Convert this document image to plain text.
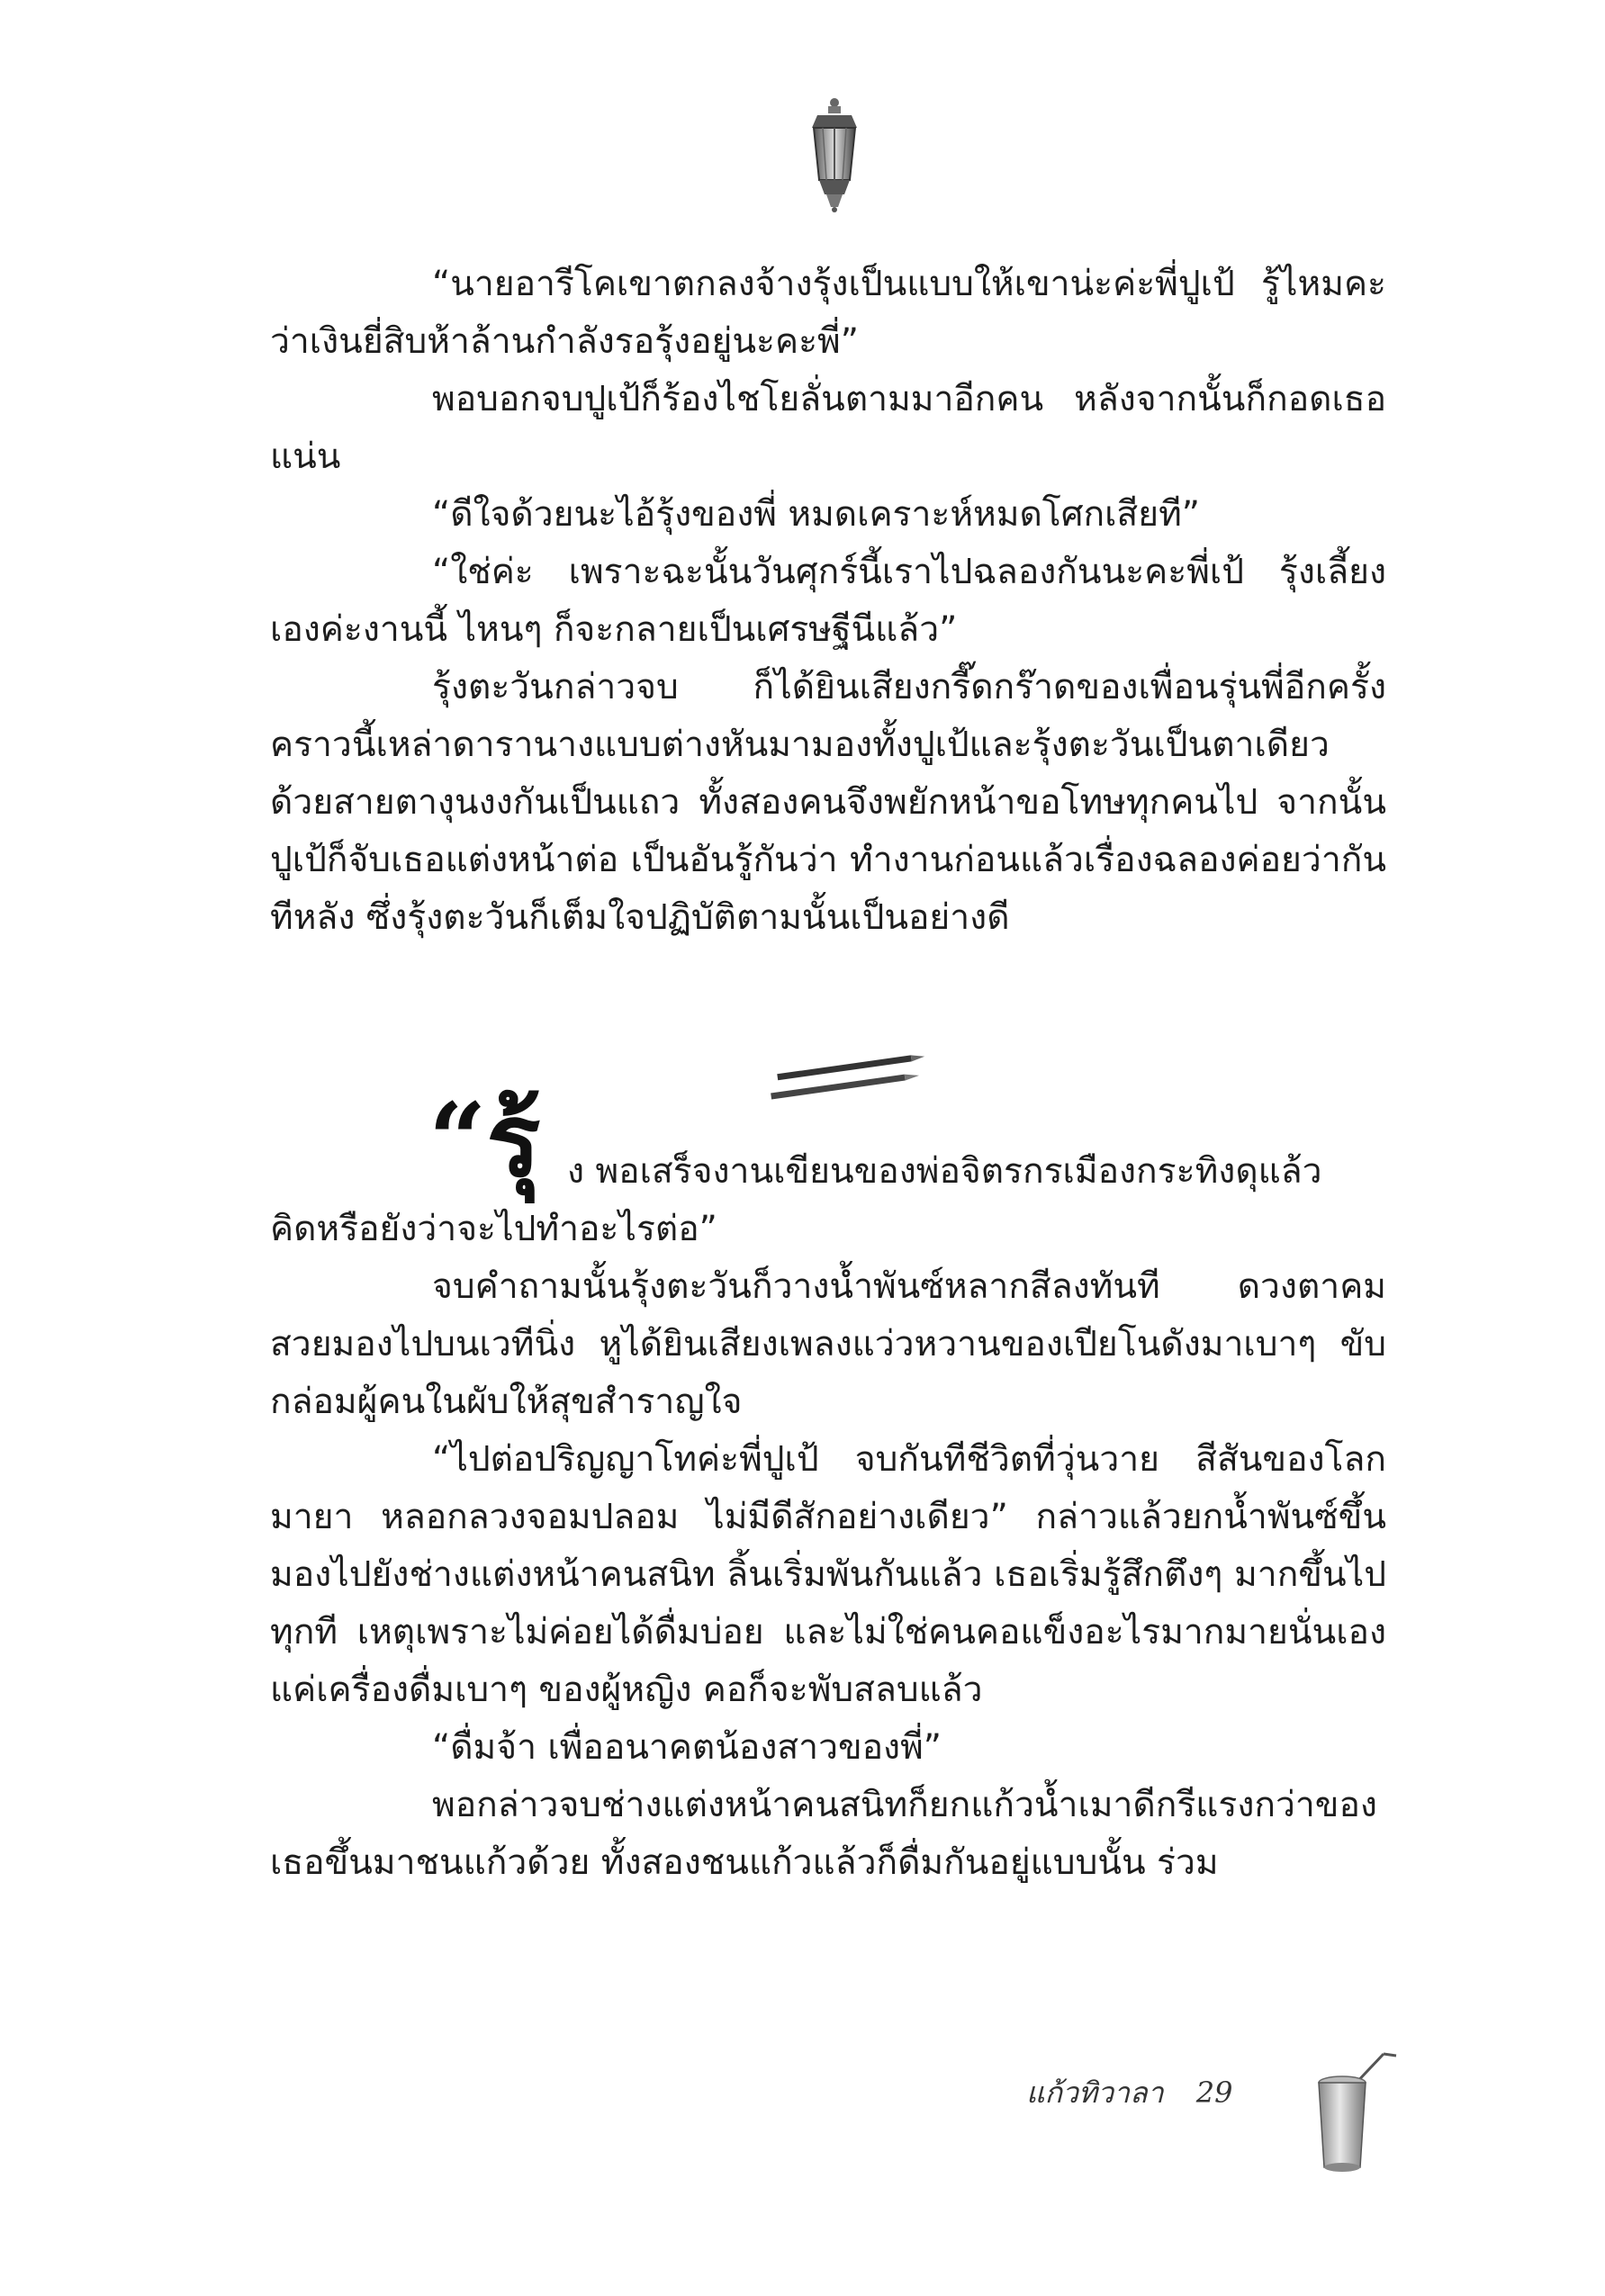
“นายอารีโคเขาตกลงจ้างรุ้งเป็นแบบให้เขาน่ะค่ะพี่ปูเป้ รู้ไหมคะว่าเงินยี่สิบห้าล้านกำลังรอรุ้งอยู่นะคะพี่”

พอบอกจบปูเป้ก็ร้องไชโยลั่นตามมาอีกคน หลังจากนั้นก็กอดเธอแน่น

“ดีใจด้วยนะไอ้รุ้งของพี่ หมดเคราะห์หมดโศกเสียที”

“ใช่ค่ะ เพราะฉะนั้นวันศุกร์นี้เราไปฉลองกันนะคะพี่เป้ รุ้งเลี้ยงเองค่ะงานนี้ ไหนๆ ก็จะกลายเป็นเศรษฐีนีแล้ว”

รุ้งตะวันกล่าวจบ ก็ได้ยินเสียงกรี๊ดกร๊าดของเพื่อนรุ่นพี่อีกครั้ง คราวนี้เหล่าดารานางแบบต่างหันมามองทั้งปูเป้และรุ้งตะวันเป็นตาเดียว ด้วยสายตางุนงงกันเป็นแถว ทั้งสองคนจึงพยักหน้าขอโทษทุกคนไป จากนั้นปูเป้ก็จับเธอแต่งหน้าต่อ เป็นอันรู้กันว่า ทำงานก่อนแล้วเรื่องฉลองค่อยว่ากันทีหลัง ซึ่งรุ้งตะวันก็เต็มใจปฏิบัติตามนั้นเป็นอย่างดี

“รุ้ ง พอเสร็จงานเขียนของพ่อจิตรกรเมืองกระทิงดุแล้ว

คิดหรือยังว่าจะไปทำอะไรต่อ”

จบคำถามนั้นรุ้งตะวันก็วางน้ำพันซ์หลากสีลงทันที ดวงตาคมสวยมองไปบนเวทีนิ่ง หูได้ยินเสียงเพลงแว่วหวานของเปียโนดังมาเบาๆ ขับกล่อมผู้คนในผับให้สุขสำราญใจ

“ไปต่อปริญญาโทค่ะพี่ปูเป้ จบกันทีชีวิตที่วุ่นวาย สีสันของโลกมายา หลอกลวงจอมปลอม ไม่มีดีสักอย่างเดียว” กล่าวแล้วยกน้ำพันซ์ขึ้น มองไปยังช่างแต่งหน้าคนสนิท ลิ้นเริ่มพันกันแล้ว เธอเริ่มรู้สึกตึงๆ มากขึ้นไปทุกที เหตุเพราะไม่ค่อยได้ดื่มบ่อย และไม่ใช่คนคอแข็งอะไรมากมายนั่นเอง แค่เครื่องดื่มเบาๆ ของผู้หญิง คอก็จะพับสลบแล้ว

“ดื่มจ้า เพื่ออนาคตน้องสาวของพี่”

พอกล่าวจบช่างแต่งหน้าคนสนิทก็ยกแก้วน้ำเมาดีกรีแรงกว่าของเธอขึ้นมาชนแก้วด้วย ทั้งสองชนแก้วแล้วก็ดื่มกันอยู่แบบนั้น ร่วม

แก้วทิวาลา 29
